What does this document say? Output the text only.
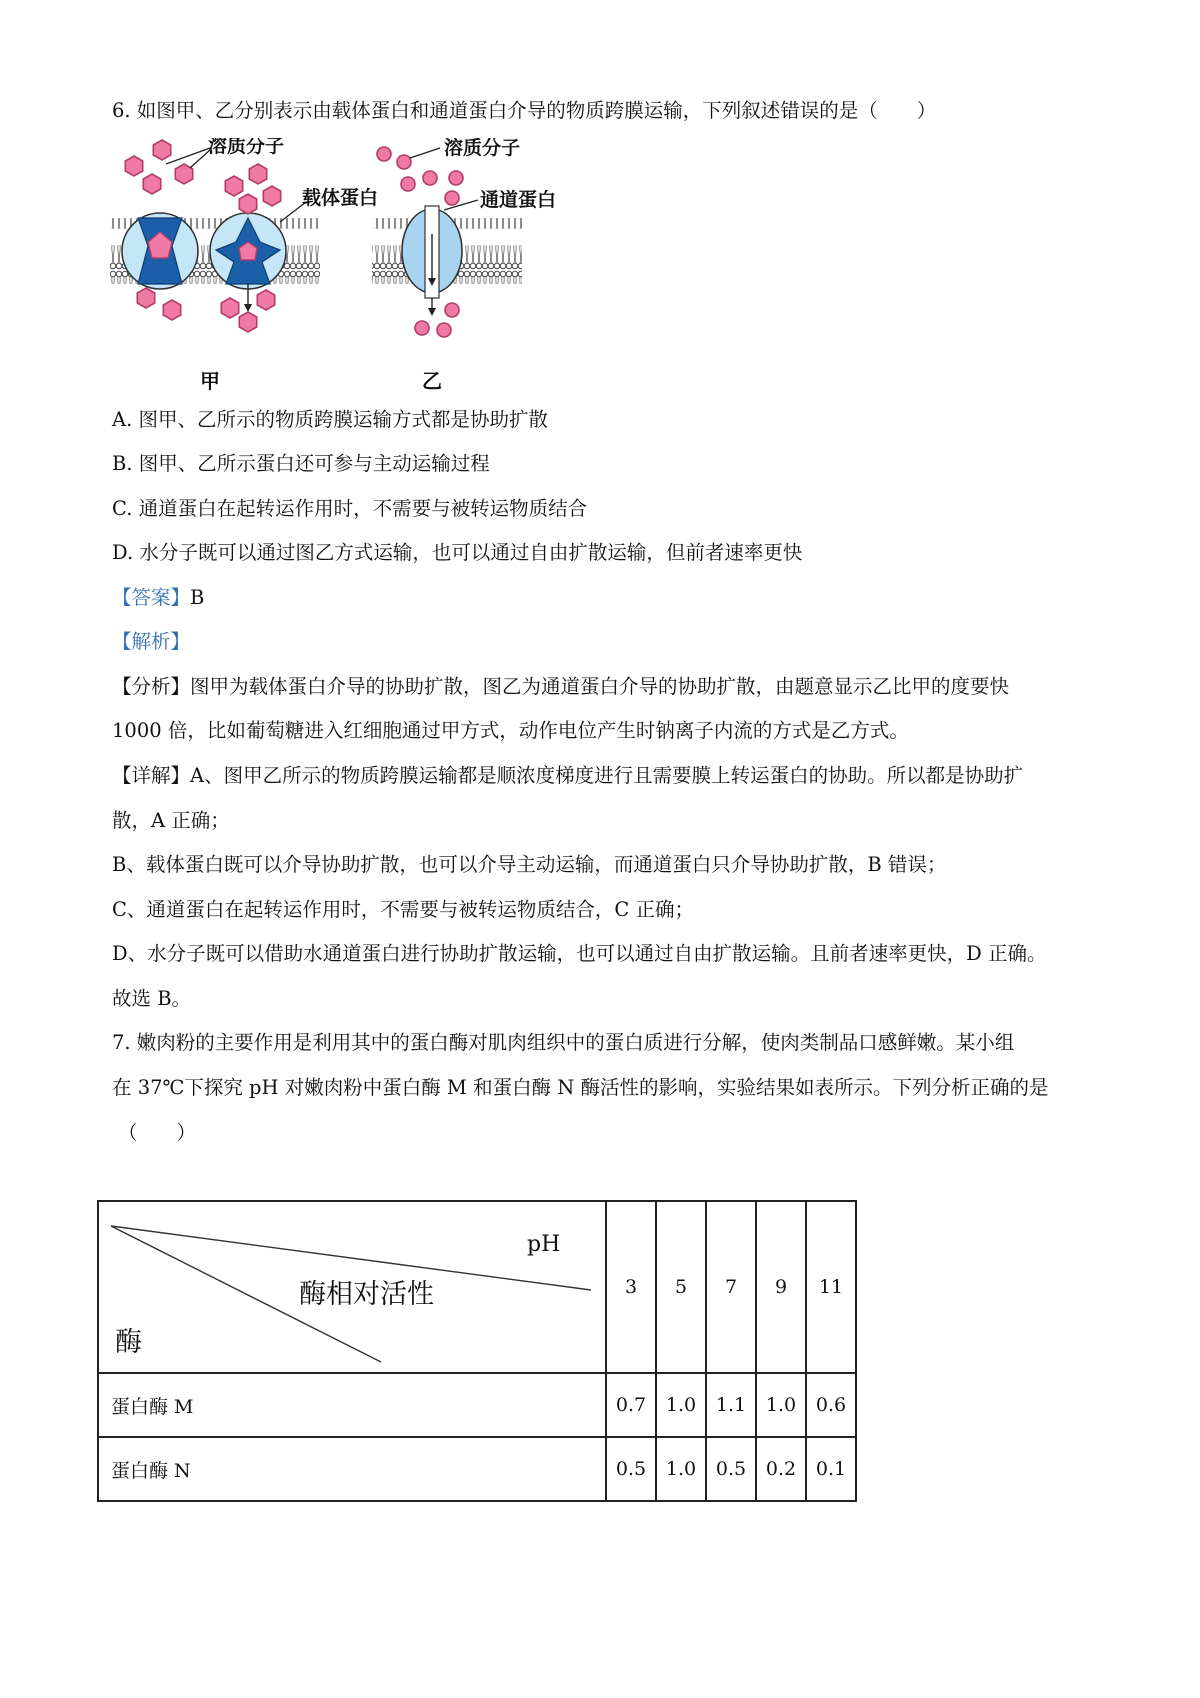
6. 如图甲、乙分别表示由载体蛋白和通道蛋白介导的物质跨膜运输，下列叙述错误的是（　　）
溶质分子
载体蛋白
甲
溶质分子
通道蛋白
乙
A. 图甲、乙所示的物质跨膜运输方式都是协助扩散
B. 图甲、乙所示蛋白还可参与主动运输过程
C. 通道蛋白在起转运作用时，不需要与被转运物质结合
D. 水分子既可以通过图乙方式运输，也可以通过自由扩散运输，但前者速率更快
【答案】B
【解析】
【分析】图甲为载体蛋白介导的协助扩散，图乙为通道蛋白介导的协助扩散，由题意显示乙比甲的度要快
1000 倍，比如葡萄糖进入红细胞通过甲方式，动作电位产生时钠离子内流的方式是乙方式。
【详解】A、图甲乙所示的物质跨膜运输都是顺浓度梯度进行且需要膜上转运蛋白的协助。所以都是协助扩
散，A 正确；
B、载体蛋白既可以介导协助扩散，也可以介导主动运输，而通道蛋白只介导协助扩散，B 错误；
C、通道蛋白在起转运作用时，不需要与被转运物质结合，C 正确；
D、水分子既可以借助水通道蛋白进行协助扩散运输，也可以通过自由扩散运输。且前者速率更快，D 正确。
故选 B。
7. 嫩肉粉的主要作用是利用其中的蛋白酶对肌肉组织中的蛋白质进行分解，使肉类制品口感鲜嫩。某小组
在 37℃下探究 pH 对嫩肉粉中蛋白酶 M 和蛋白酶 N 酶活性的影响，实验结果如表所示。下列分析正确的是
（　　）
pH
酶相对活性
酶	3	5	7	9	11
蛋白酶 M	0.7	1.0	1.1	1.0	0.6
蛋白酶 N	0.5	1.0	0.5	0.2	0.1
